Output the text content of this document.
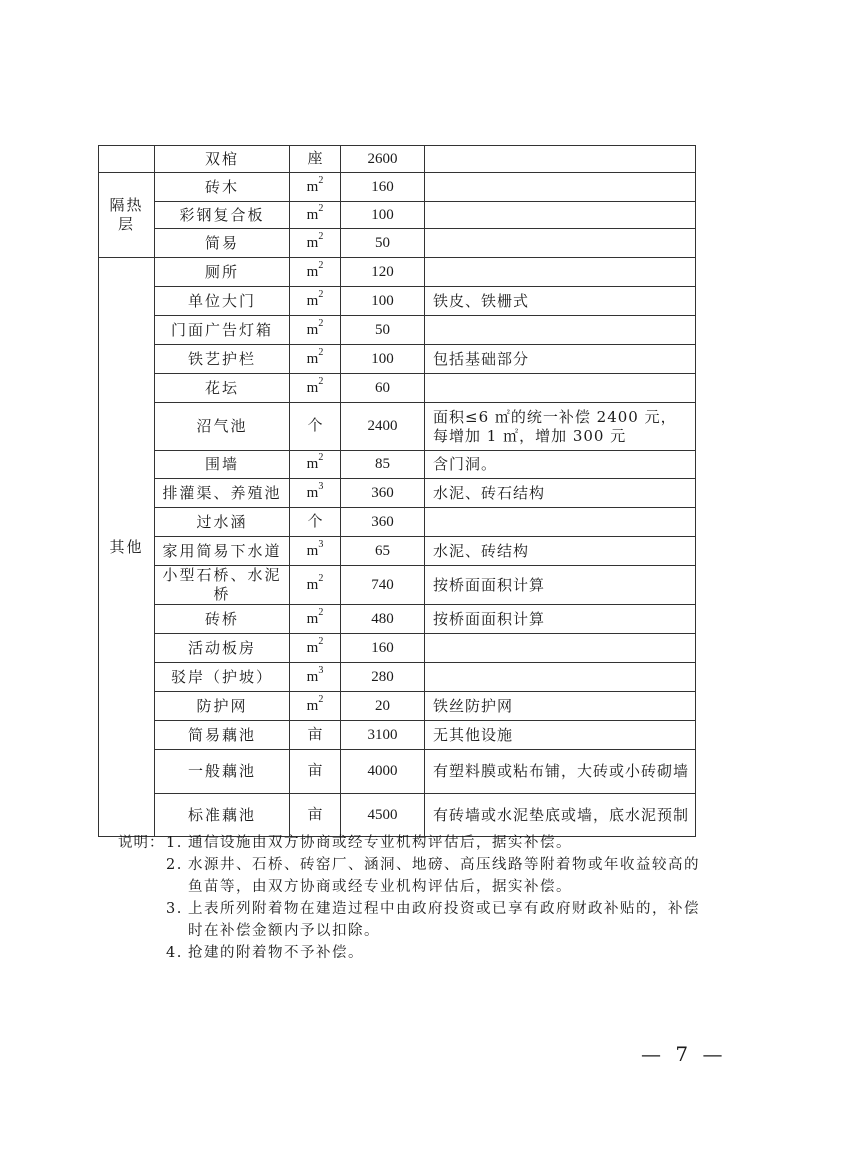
	双棺	座	2600	
隔热层	砖木	$m^2$	160	
	彩钢复合板	$m^2$	100	
	简易	$m^2$	50	
其他	厕所	$m^2$	120	
	单位大门	$m^2$	100	铁皮、铁栅式
	门面广告灯箱	$m^2$	50	
	铁艺护栏	$m^2$	100	包括基础部分
	花坛	$m^2$	60	
	沼气池	个	2400	面积≤6 ㎡的统一补偿 2400 元，每增加 1 ㎡，增加 300 元
	围墙	$m^2$	85	含门洞。
	排灌渠、养殖池	$m^3$	360	水泥、砖石结构
	过水涵	个	360	
	家用简易下水道	$m^3$	65	水泥、砖结构
	小型石桥、水泥桥	$m^2$	740	按桥面面积计算
	砖桥	$m^2$	480	按桥面面积计算
	活动板房	$m^2$	160	
	驳岸（护坡）	$m^3$	280	
	防护网	$m^2$	20	铁丝防护网
	简易藕池	亩	3100	无其他设施
	一般藕池	亩	4000	有塑料膜或粘布铺，大砖或小砖砌墙
	标准藕池	亩	4500	有砖墙或水泥垫底或墙，底水泥预制
说明： 1. 通信设施由双方协商或经专业机构评估后，据实补偿。
2. 水源井、石桥、砖窑厂、涵洞、地磅、高压线路等附着物或年收益较高的
鱼苗等，由双方协商或经专业机构评估后，据实补偿。
3. 上表所列附着物在建造过程中由政府投资或已享有政府财政补贴的，补偿
时在补偿金额内予以扣除。
4. 抢建的附着物不予补偿。
— 7 —
